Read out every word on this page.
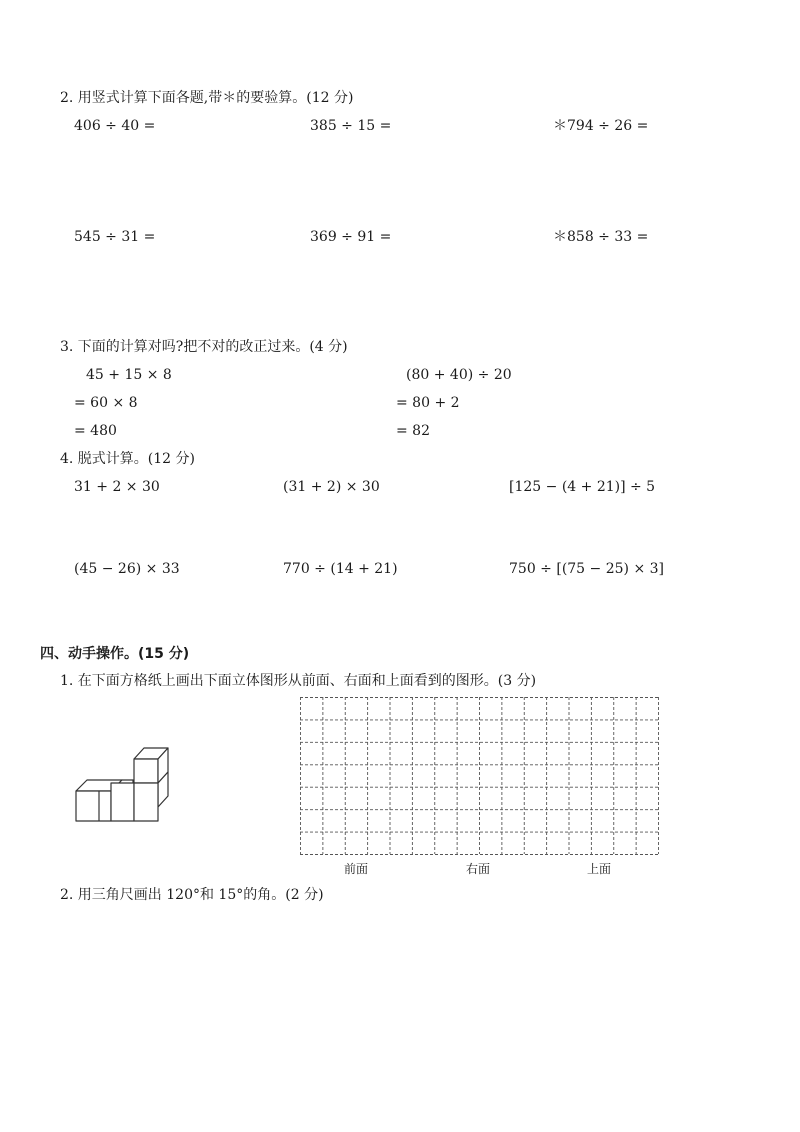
2. 用竖式计算下面各题,带＊的要验算。(12 分)
406 ÷ 40 =	385 ÷ 15 =	＊794 ÷ 26 =
545 ÷ 31 =	369 ÷ 91 =	＊858 ÷ 33 =
3. 下面的计算对吗?把不对的改正过来。(4 分)
45 + 15 × 8
= 60 × 8
= 480
(80 + 40) ÷ 20
= 80 + 2
= 82
4. 脱式计算。(12 分)
31 + 2 × 30	(31 + 2) × 30	[125 − (4 + 21)] ÷ 5
(45 − 26) × 33	770 ÷ (14 + 21)	750 ÷ [(75 − 25) × 3]
四、动手操作。(15 分)
1. 在下面方格纸上画出下面立体图形从前面、右面和上面看到的图形。(3 分)
前面	右面	上面
2. 用三角尺画出 120°和 15°的角。(2 分)
